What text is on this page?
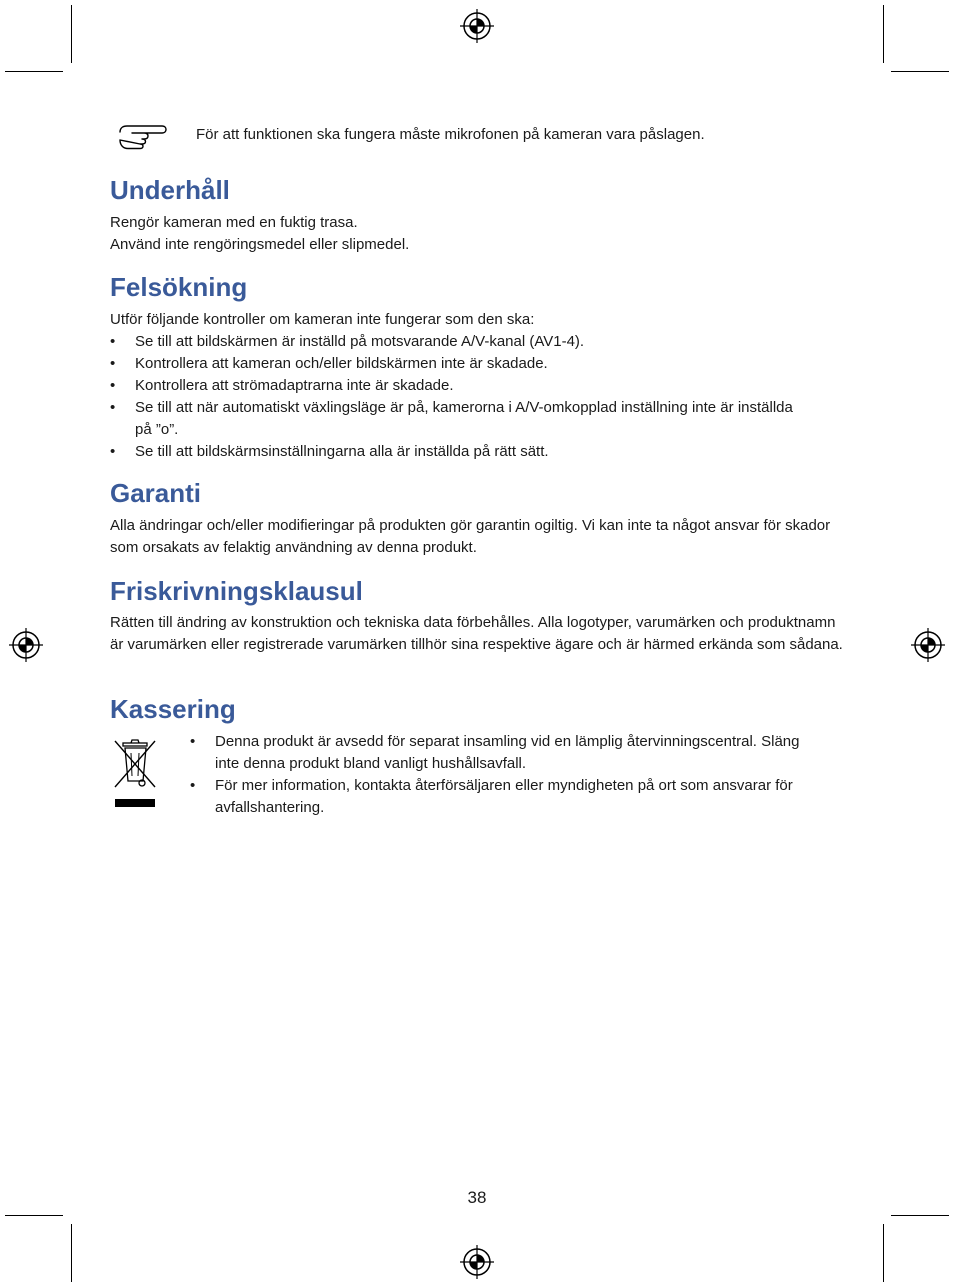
För att funktionen ska fungera måste mikrofonen på kameran vara påslagen.
Underhåll

Rengör kameran med en fuktig trasa.

Använd inte rengöringsmedel eller slipmedel.

Felsökning

Utför följande kontroller om kameran inte fungerar som den ska:

• Se till att bildskärmen är inställd på motsvarande A/V-kanal (AV1-4).
• Kontrollera att kameran och/eller bildskärmen inte är skadade.
• Kontrollera att strömadaptrarna inte är skadade.
• Se till att när automatiskt växlingsläge är på, kamerorna i A/V-omkopplad inställning inte är inställda på ”o”.
• Se till att bildskärmsinställningarna alla är inställda på rätt sätt.
Garanti

Alla ändringar och/eller modifieringar på produkten gör garantin ogiltig. Vi kan inte ta något ansvar för skador som orsakats av felaktig användning av denna produkt.

Friskrivningsklausul

Rätten till ändring av konstruktion och tekniska data förbehålles. Alla logotyper, varumärken och produktnamn är varumärken eller registrerade varumärken tillhör sina respektive ägare och är härmed erkända som sådana.

Kassering
• Denna produkt är avsedd för separat insamling vid en lämplig återvinningscentral. Släng inte denna produkt bland vanligt hushållsavfall.
• För mer information, kontakta återförsäljaren eller myndigheten på ort som ansvarar för avfallshantering.
38
